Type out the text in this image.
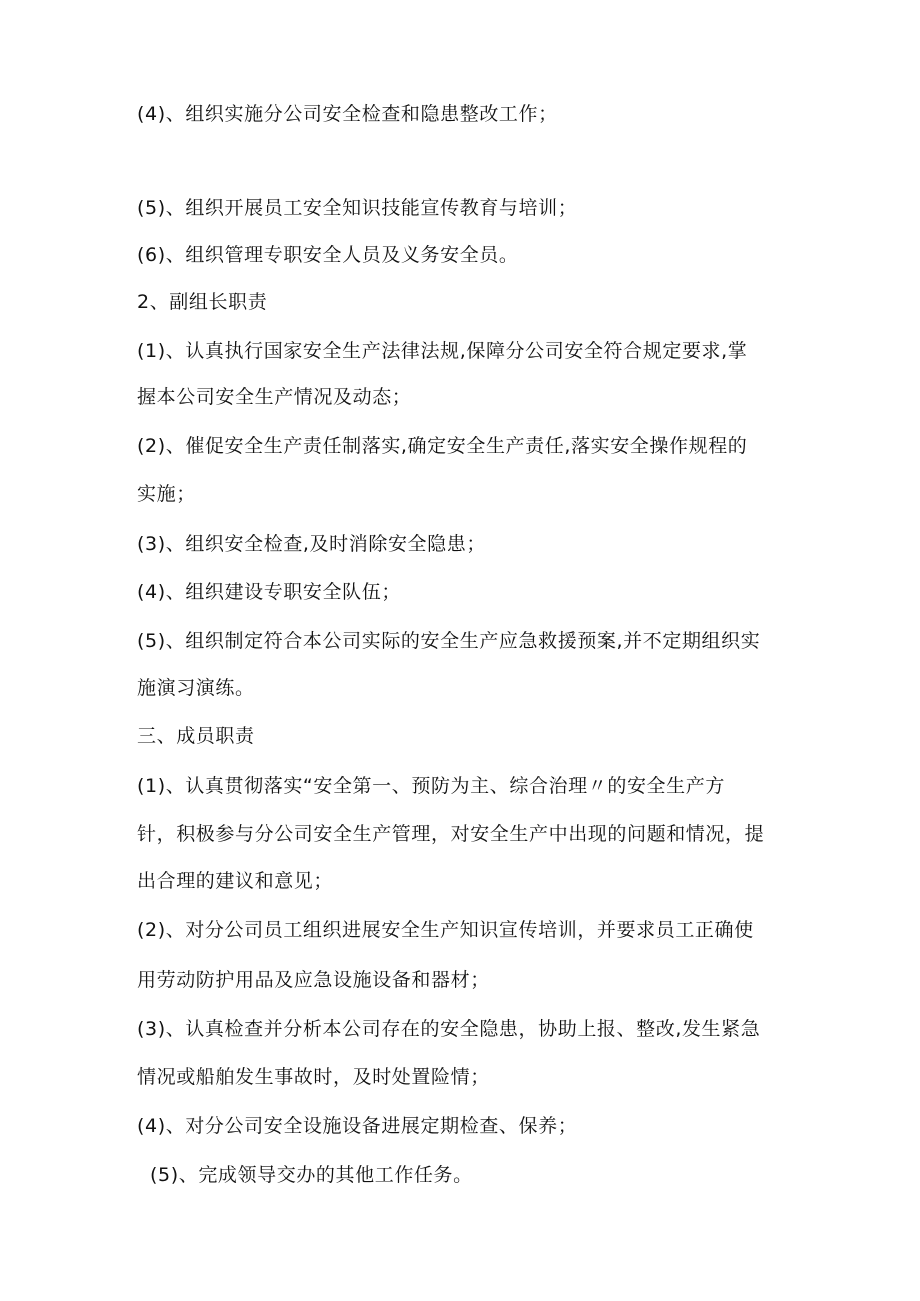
(4)、组织实施分公司安全检查和隐患整改工作；
(5)、组织开展员工安全知识技能宣传教育与培训；
(6)、组织管理专职安全人员及义务安全员。
2、副组长职责
(1)、认真执行国家安全生产法律法规,保障分公司安全符合规定要求,掌
握本公司安全生产情况及动态；
(2)、催促安全生产责任制落实,确定安全生产责任,落实安全操作规程的
实施；
(3)、组织安全检查,及时消除安全隐患；
(4)、组织建设专职安全队伍；
(5)、组织制定符合本公司实际的安全生产应急救援预案,并不定期组织实
施演习演练。
三、成员职责
(1)、认真贯彻落实“安全第一、预防为主、综合治理〃的安全生产方
针，积极参与分公司安全生产管理，对安全生产中出现的问题和情况，提
出合理的建议和意见；
(2)、对分公司员工组织进展安全生产知识宣传培训，并要求员工正确使
用劳动防护用品及应急设施设备和器材；
(3)、认真检查并分析本公司存在的安全隐患，协助上报、整改,发生紧急
情况或船舶发生事故时，及时处置险情；
(4)、对分公司安全设施设备进展定期检查、保养；
(5)、完成领导交办的其他工作任务。
